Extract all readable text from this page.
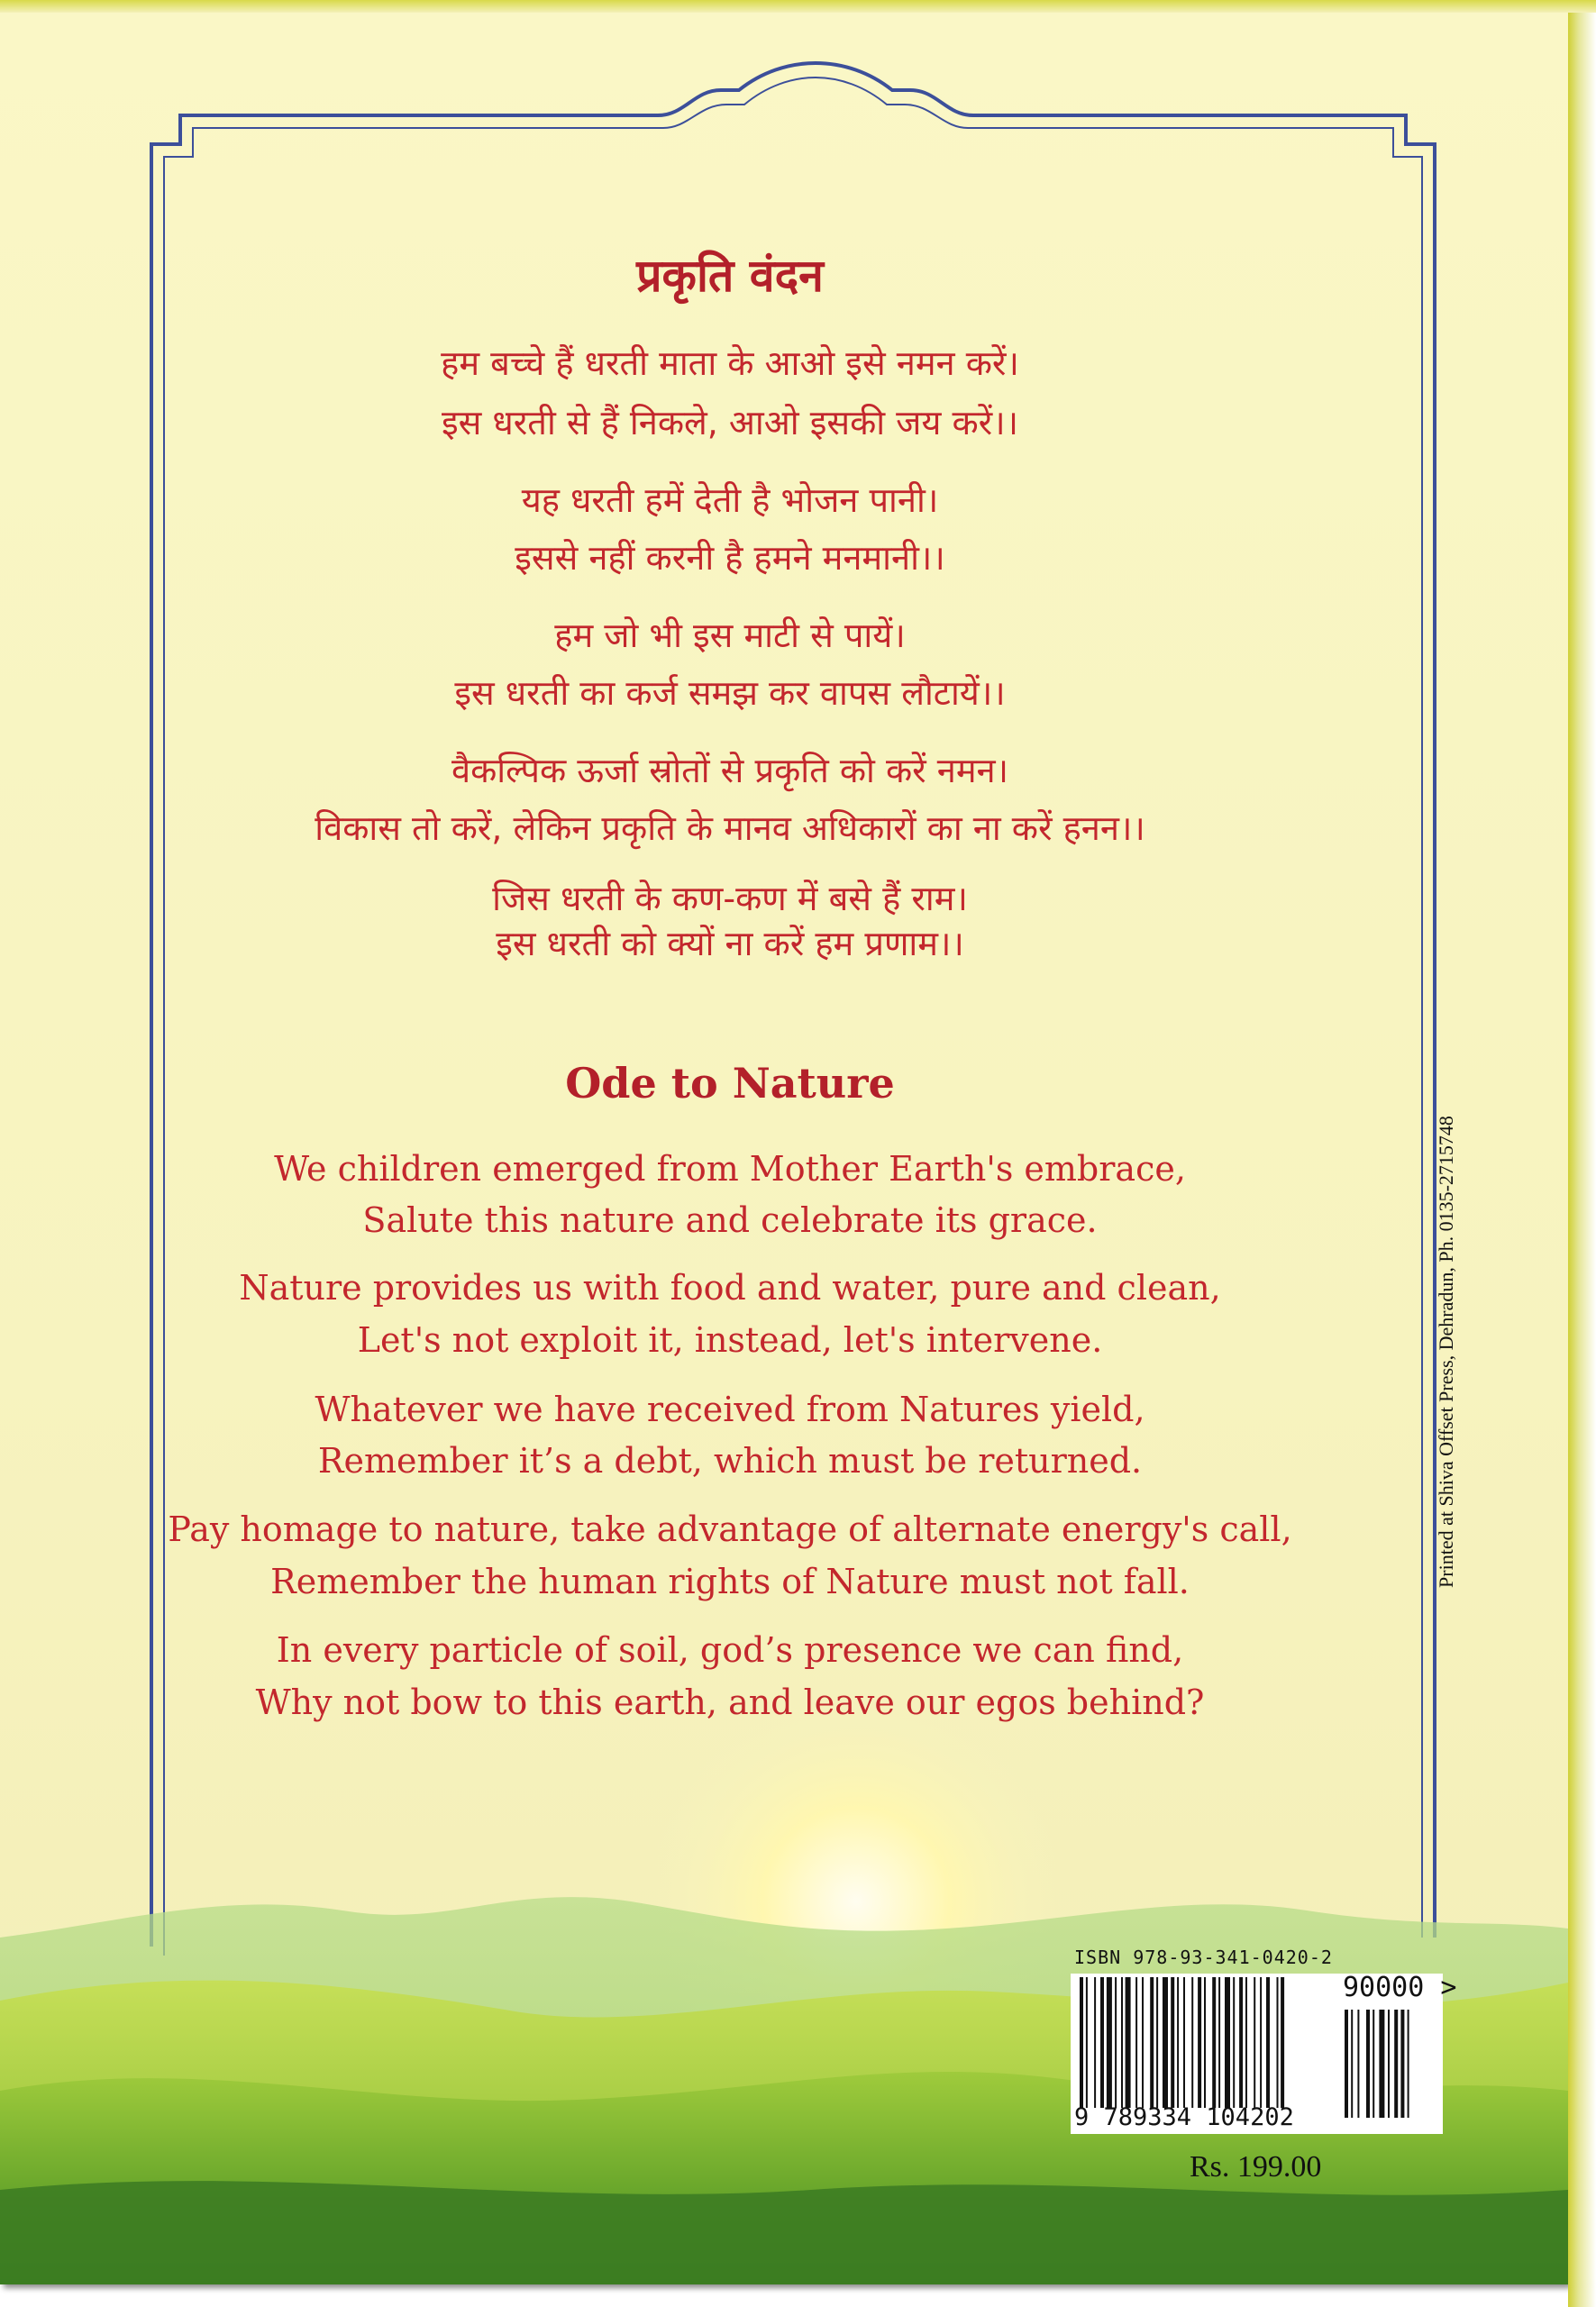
प्रकृति वंदन
हम बच्चे हैं धरती माता के आओ इसे नमन करें।
इस धरती से हैं निकले, आओ इसकी जय करें।।
यह धरती हमें देती है भोजन पानी।
इससे नहीं करनी है हमने मनमानी।।
हम जो भी इस माटी से पायें।
इस धरती का कर्ज समझ कर वापस लौटायें।।
वैकल्पिक ऊर्जा स्रोतों से प्रकृति को करें नमन।
विकास तो करें, लेकिन प्रकृति के मानव अधिकारों का ना करें हनन।।
जिस धरती के कण-कण में बसे हैं राम।
इस धरती को क्यों ना करें हम प्रणाम।।
Ode to Nature
We children emerged from Mother Earth's embrace,
Salute this nature and celebrate its grace.
Nature provides us with food and water, pure and clean,
Let's not exploit it, instead, let's intervene.
Whatever we have received from Natures yield,
Remember it’s a debt, which must be returned.
Pay homage to nature, take advantage of alternate energy's call,
Remember the human rights of Nature must not fall.
In every particle of soil, god’s presence we can find,
Why not bow to this earth, and leave our egos behind?
Printed at Shiva Offset Press, Dehradun, Ph. 0135-2715748
ISBN 978-93-341-0420-2
90000 >
9 789334 104202
Rs. 199.00
